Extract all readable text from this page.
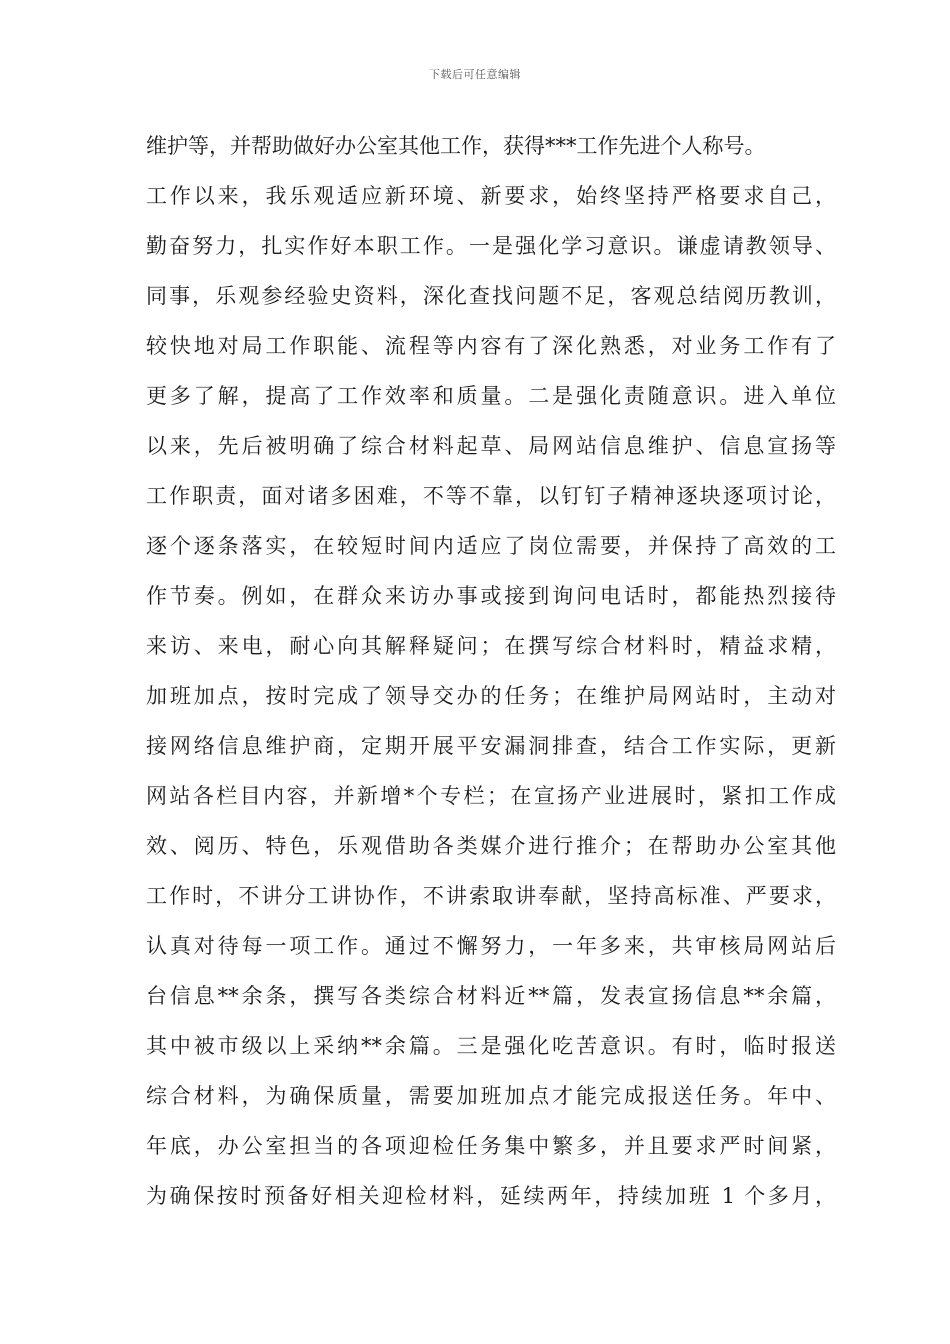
下载后可任意编辑
维护等，并帮助做好办公室其他工作，获得***工作先进个人称号。
工作以来，我乐观适应新环境、新要求，始终坚持严格要求自己，
勤奋努力，扎实作好本职工作。一是强化学习意识。谦虚请教领导、
同事，乐观参经验史资料，深化查找问题不足，客观总结阅历教训，
较快地对局工作职能、流程等内容有了深化熟悉，对业务工作有了
更多了解，提高了工作效率和质量。二是强化责随意识。进入单位
以来，先后被明确了综合材料起草、局网站信息维护、信息宣扬等
工作职责，面对诸多困难，不等不靠，以钉钉子精神逐块逐项讨论，
逐个逐条落实，在较短时间内适应了岗位需要，并保持了高效的工
作节奏。例如，在群众来访办事或接到询问电话时，都能热烈接待
来访、来电，耐心向其解释疑问；在撰写综合材料时，精益求精，
加班加点，按时完成了领导交办的任务；在维护局网站时，主动对
接网络信息维护商，定期开展平安漏洞排查，结合工作实际，更新
网站各栏目内容，并新增*个专栏；在宣扬产业进展时，紧扣工作成
效、阅历、特色，乐观借助各类媒介进行推介；在帮助办公室其他
工作时，不讲分工讲协作，不讲索取讲奉献，坚持高标准、严要求，
认真对待每一项工作。通过不懈努力，一年多来，共审核局网站后
台信息**余条，撰写各类综合材料近**篇，发表宣扬信息**余篇，
其中被市级以上采纳**余篇。三是强化吃苦意识。有时，临时报送
综合材料，为确保质量，需要加班加点才能完成报送任务。年中、
年底，办公室担当的各项迎检任务集中繁多，并且要求严时间紧，
为确保按时预备好相关迎检材料，延续两年，持续加班 1 个多月，
